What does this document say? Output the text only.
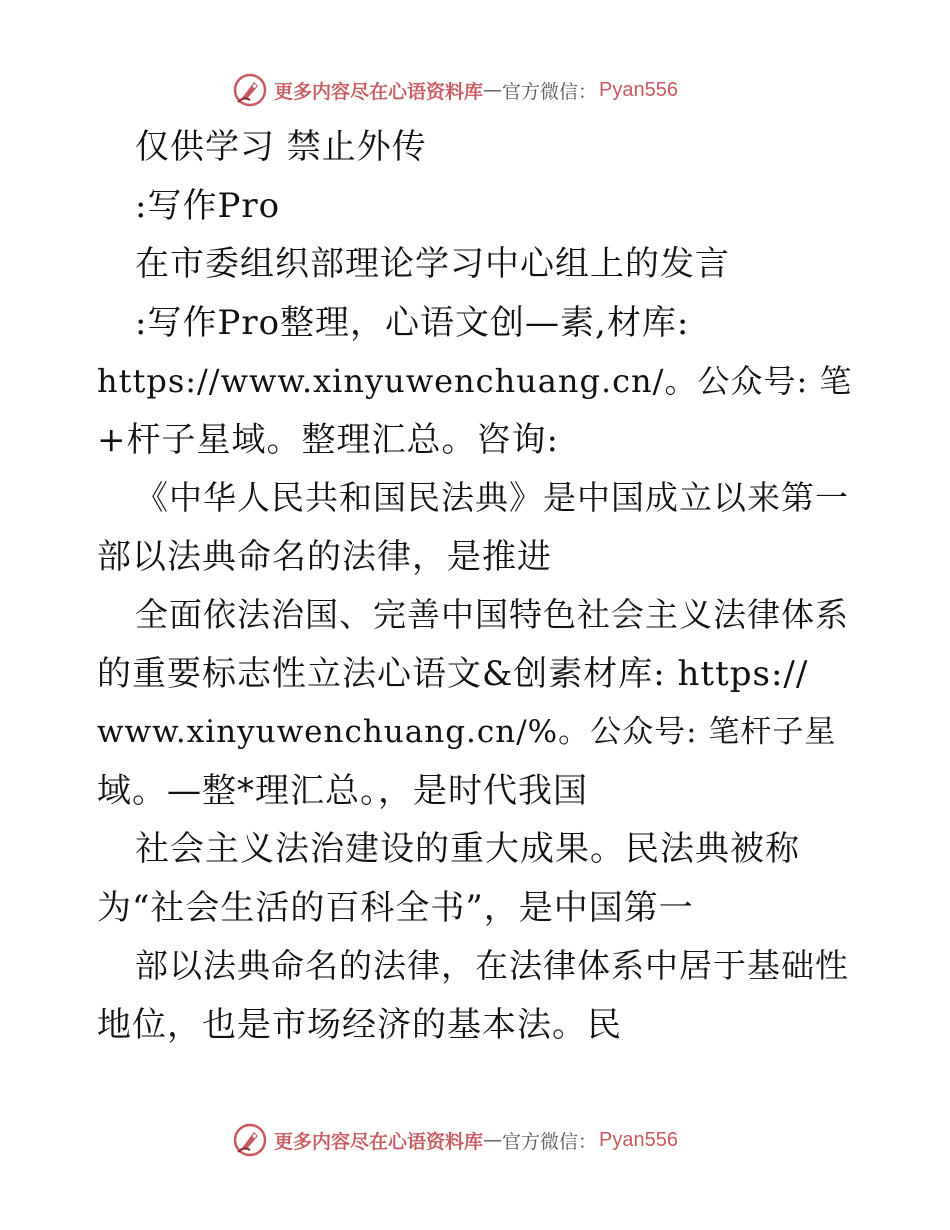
更多内容尽在心语资料库 — 官方微信： Pyan556
仅供学习 禁止外传
:写作Pro
在市委组织部理论学习中心组上的发言
:写作Pro整理，心语文创—素,材库:
https://www.xinyuwenchuang.cn/。公众号: 笔
+杆子星域。整理汇总。咨询:
《中华人民共和国民法典》是中国成立以来第一
部以法典命名的法律，是推进
全面依法治国、完善中国特色社会主义法律体系
的重要标志性立法心语文&创素材库: https://
www.xinyuwenchuang.cn/%。公众号: 笔杆子星
域。—整*理汇总。，是时代我国
社会主义法治建设的重大成果。民法典被称
为“社会生活的百科全书”，是中国第一
部以法典命名的法律，在法律体系中居于基础性
地位，也是市场经济的基本法。民
更多内容尽在心语资料库 — 官方微信： Pyan556
